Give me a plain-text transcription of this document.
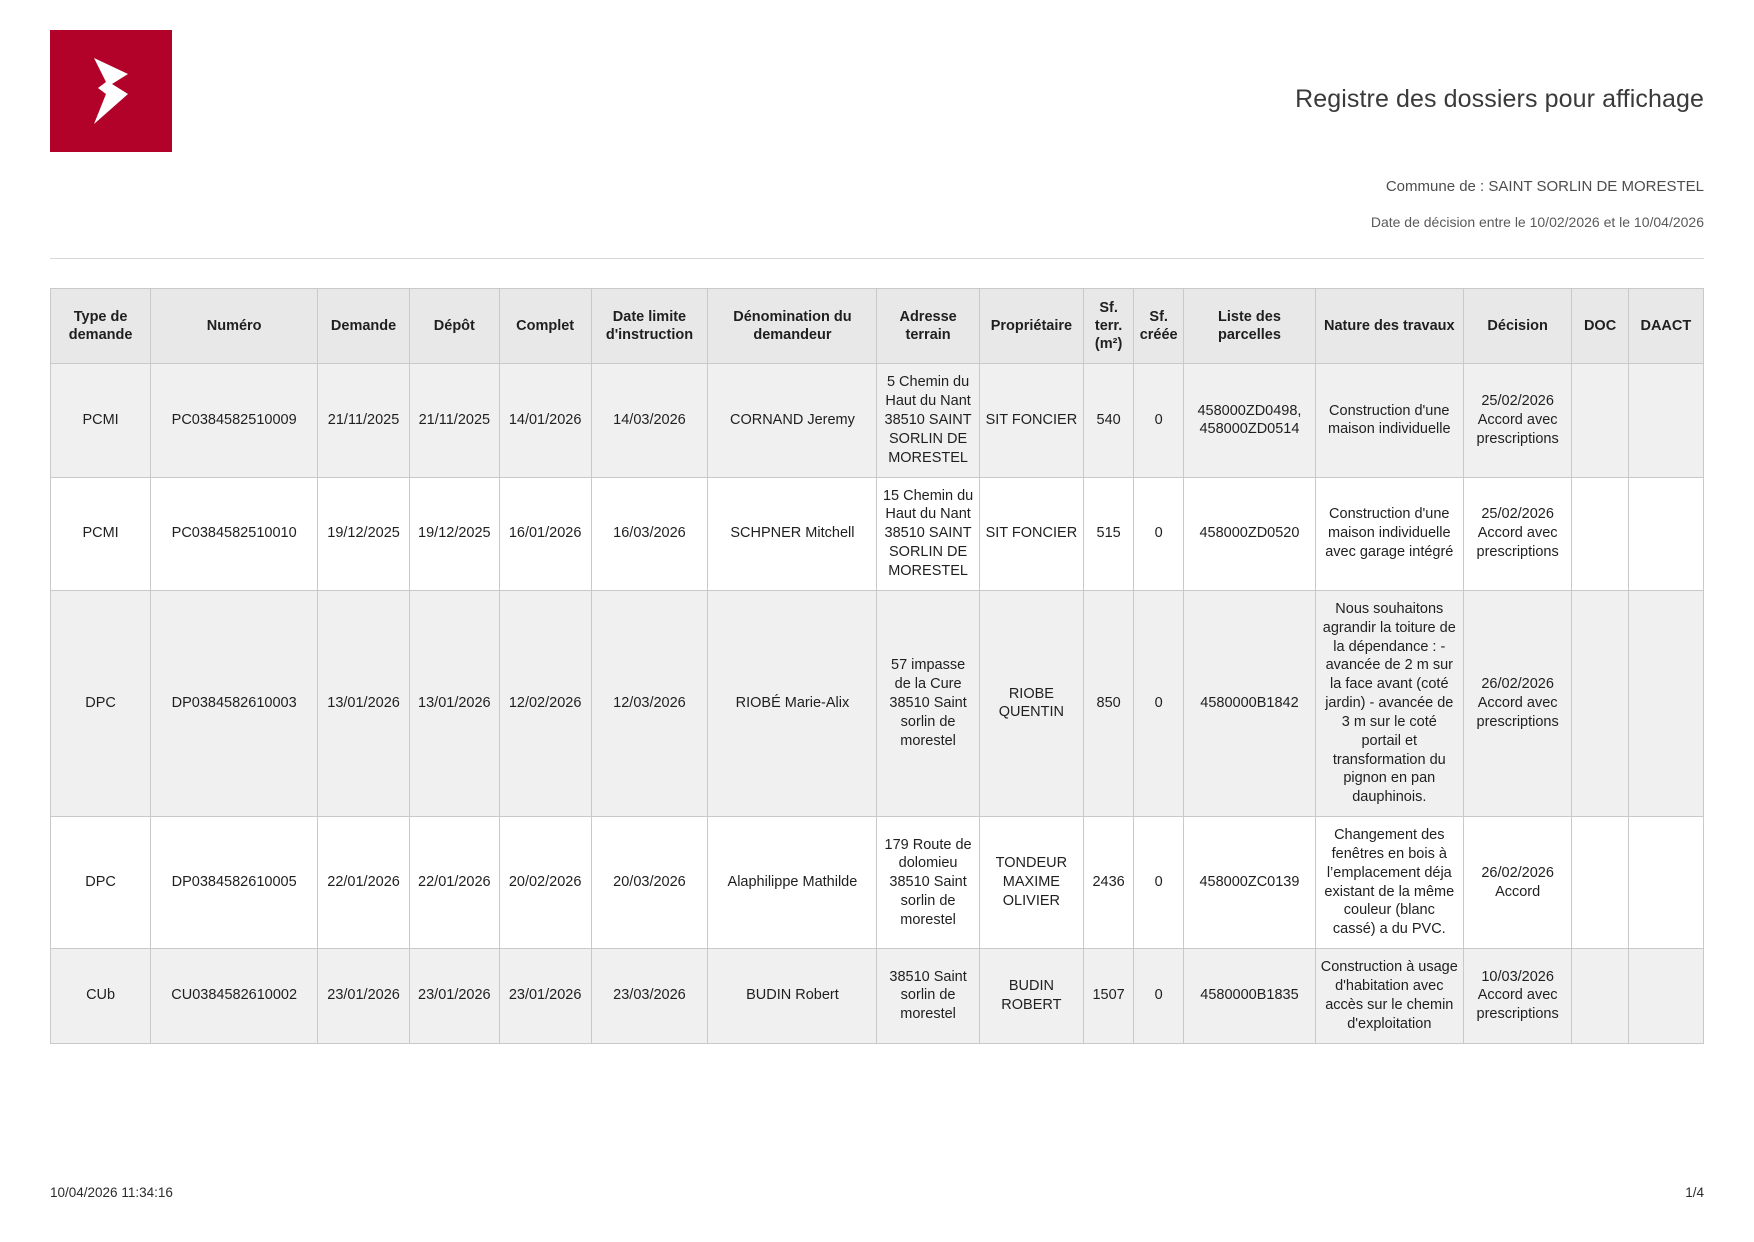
Registre des dossiers pour affichage
Commune de : SAINT SORLIN DE MORESTEL
Date de décision entre le 10/02/2026 et le 10/04/2026
Type de demande	Numéro	Demande	Dépôt	Complet	Date limite d'instruction	Dénomination du demandeur	Adresse terrain	Propriétaire	Sf. terr. (m²)	Sf. créée	Liste des parcelles	Nature des travaux	Décision	DOC	DAACT
PCMI	PC0384582510009	21/11/2025	21/11/2025	14/01/2026	14/03/2026	CORNAND Jeremy	5 Chemin du Haut du Nant 38510 SAINT SORLIN DE MORESTEL	SIT FONCIER	540	0	458000ZD0498, 458000ZD0514	Construction d'une maison individuelle	25/02/2026 Accord avec prescriptions		
PCMI	PC0384582510010	19/12/2025	19/12/2025	16/01/2026	16/03/2026	SCHPNER Mitchell	15 Chemin du Haut du Nant 38510 SAINT SORLIN DE MORESTEL	SIT FONCIER	515	0	458000ZD0520	Construction d'une maison individuelle avec garage intégré	25/02/2026 Accord avec prescriptions		
DPC	DP0384582610003	13/01/2026	13/01/2026	12/02/2026	12/03/2026	RIOBÉ Marie-Alix	57 impasse de la Cure 38510 Saint sorlin de morestel	RIOBE QUENTIN	850	0	4580000B1842	Nous souhaitons agrandir la toiture de la dépendance : - avancée de 2 m sur la face avant (coté jardin) - avancée de 3 m sur le coté portail et transformation du pignon en pan dauphinois.	26/02/2026 Accord avec prescriptions		
DPC	DP0384582610005	22/01/2026	22/01/2026	20/02/2026	20/03/2026	Alaphilippe Mathilde	179 Route de dolomieu 38510 Saint sorlin de morestel	TONDEUR MAXIME OLIVIER	2436	0	458000ZC0139	Changement des fenêtres en bois à l’emplacement déja existant de la même couleur (blanc cassé) a du PVC.	26/02/2026 Accord		
CUb	CU0384582610002	23/01/2026	23/01/2026	23/01/2026	23/03/2026	BUDIN Robert	38510 Saint sorlin de morestel	BUDIN ROBERT	1507	0	4580000B1835	Construction à usage d'habitation avec accès sur le chemin d'exploitation	10/03/2026 Accord avec prescriptions		
10/04/2026 11:34:16	1/4
